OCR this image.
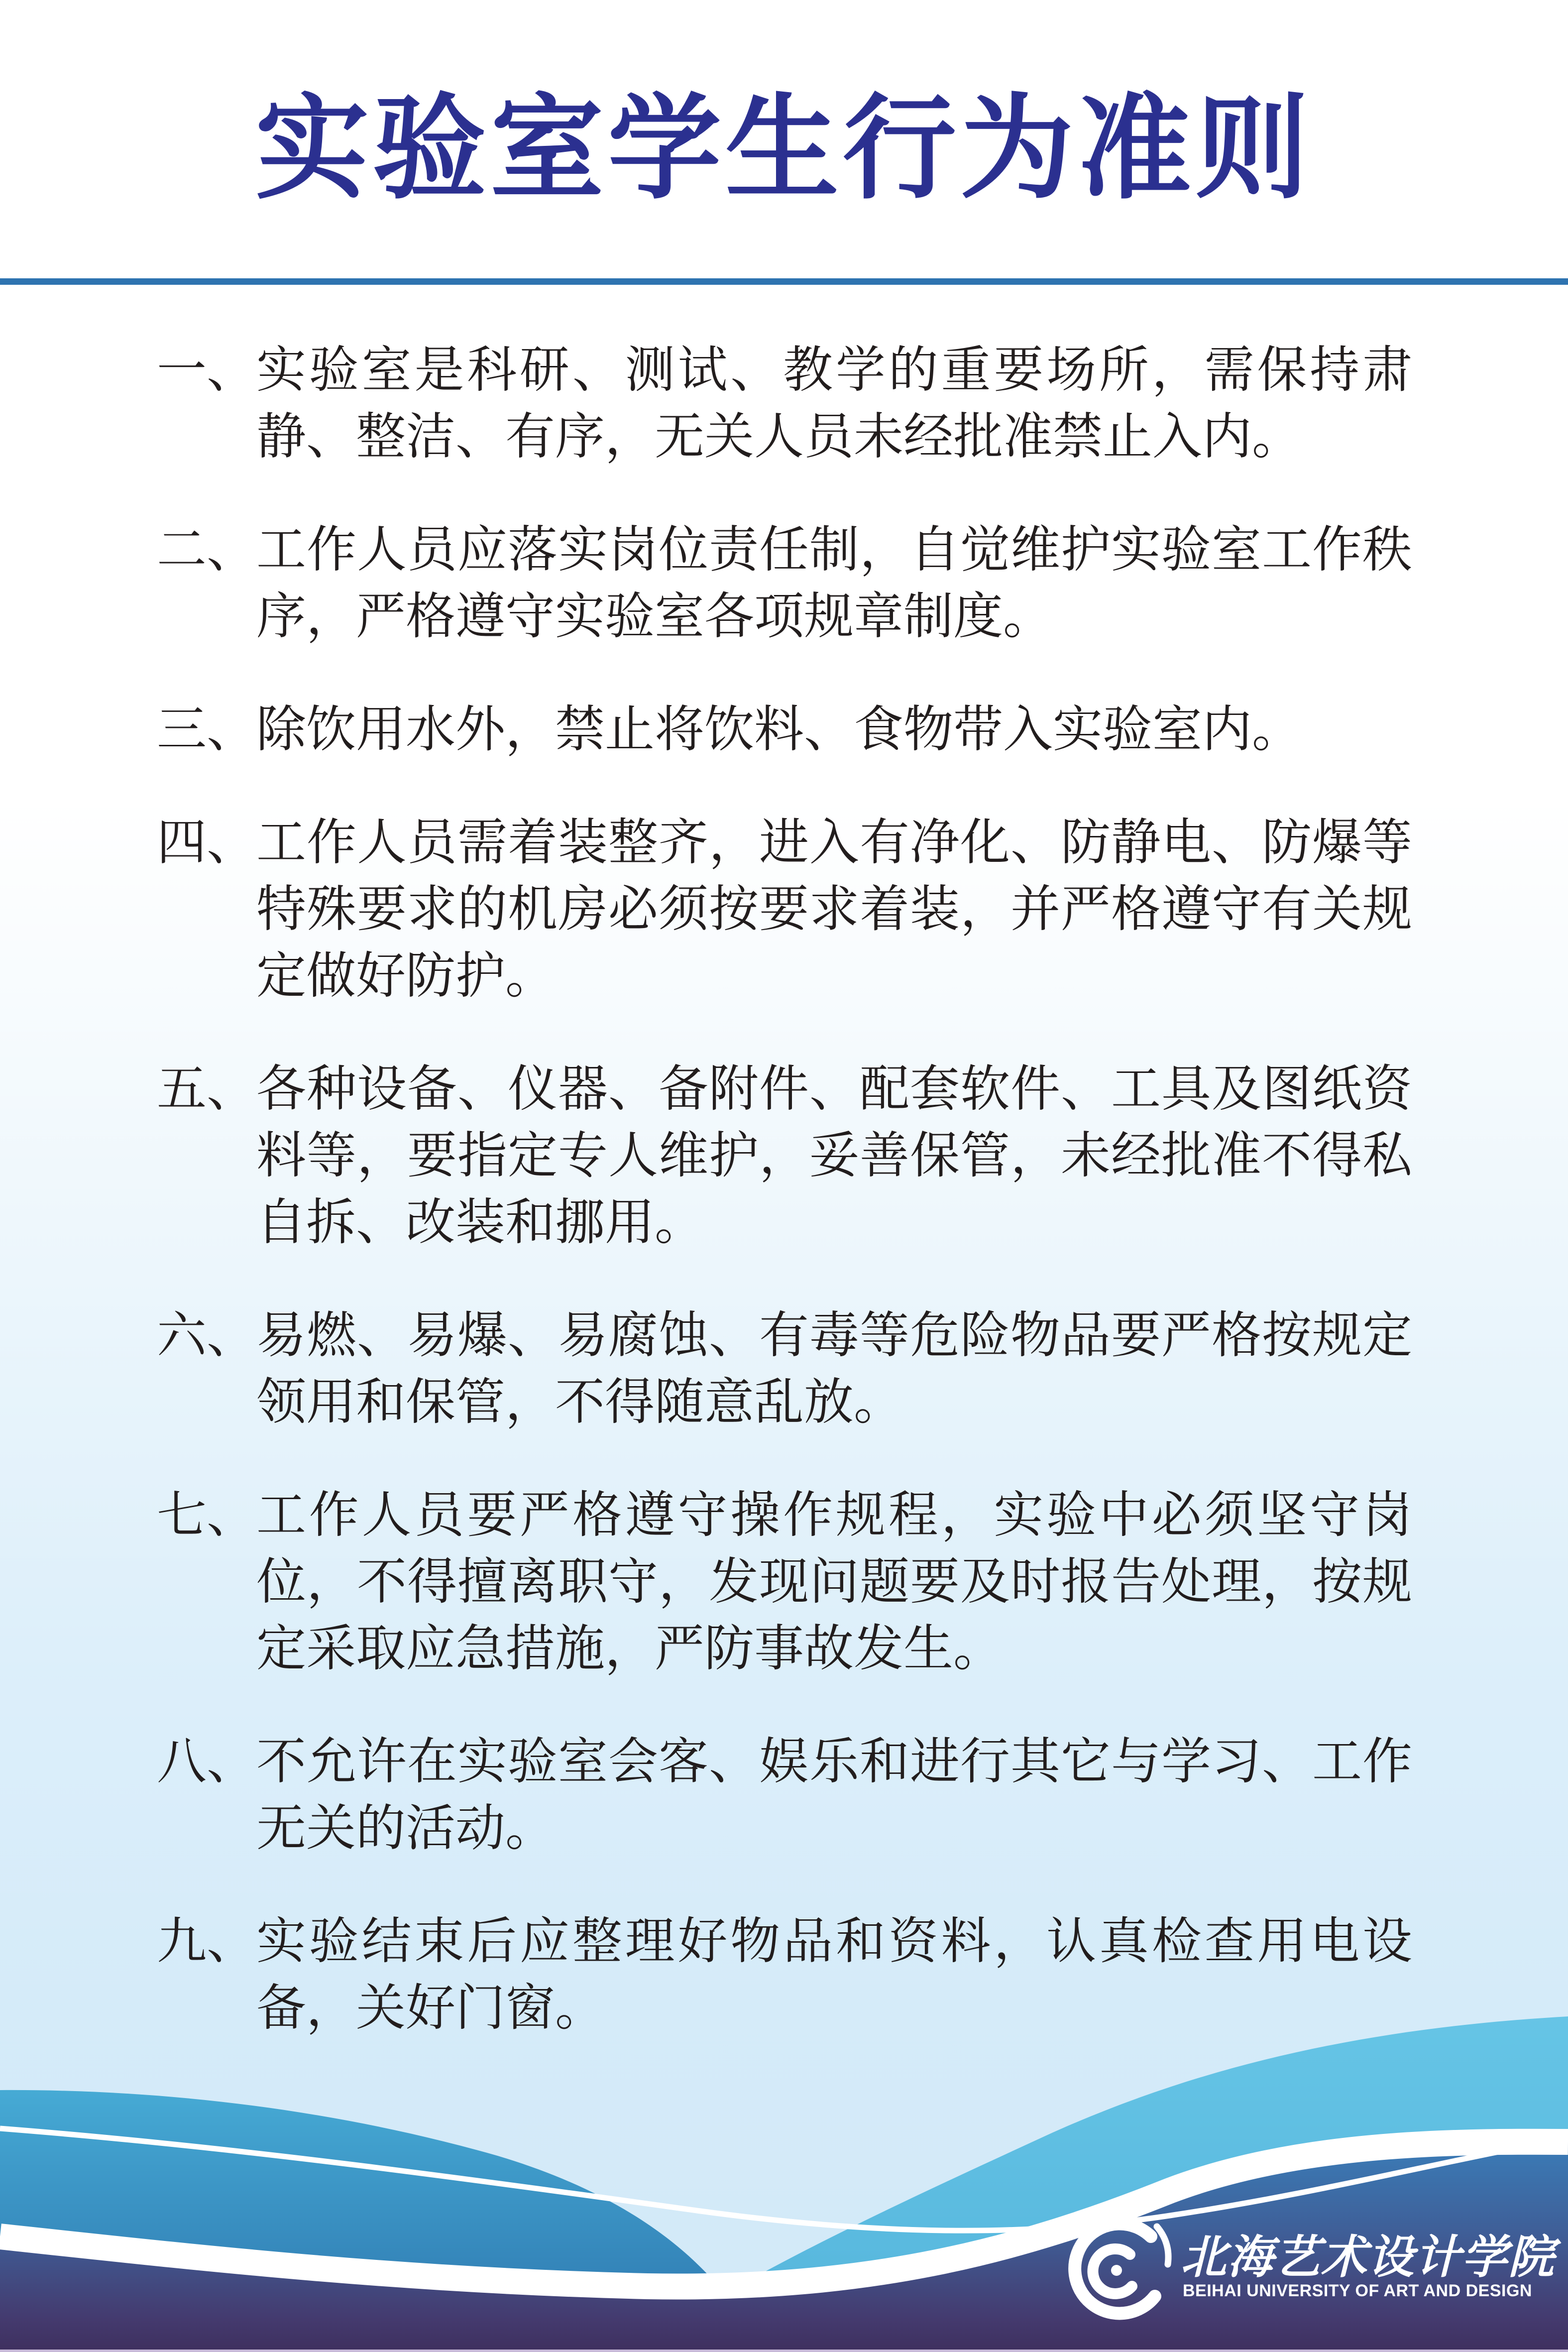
实验室学生行为准则
一、 实验室是科研、测试、教学的重要场所，需保持肃静、整洁、有序，无关人员未经批准禁止入内。
二、 工作人员应落实岗位责任制，自觉维护实验室工作秩序，严格遵守实验室各项规章制度。
三、 除饮用水外，禁止将饮料、食物带入实验室内。
四、 工作人员需着装整齐，进入有净化、防静电、防爆等特殊要求的机房必须按要求着装，并严格遵守有关规定做好防护。
五、 各种设备、仪器、备附件、配套软件、工具及图纸资料等，要指定专人维护，妥善保管，未经批准不得私自拆、改装和挪用。
六、 易燃、易爆、易腐蚀、有毒等危险物品要严格按规定领用和保管，不得随意乱放。
七、 工作人员要严格遵守操作规程，实验中必须坚守岗位，不得擅离职守，发现问题要及时报告处理，按规定采取应急措施，严防事故发生。
八、 不允许在实验室会客、娱乐和进行其它与学习、工作无关的活动。
九、 实验结束后应整理好物品和资料，认真检查用电设备，关好门窗。
北海艺术设计学院
BEIHAI UNIVERSITY OF ART AND DESIGN
